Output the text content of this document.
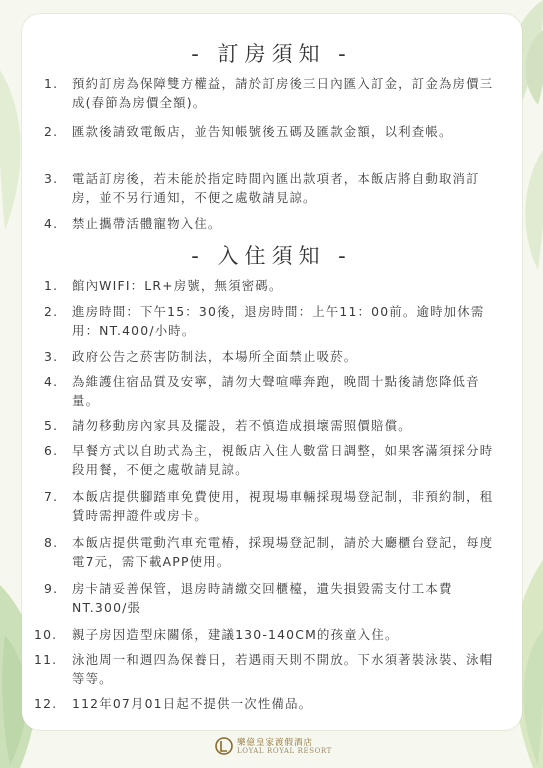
- 訂房須知 -
1.	預約訂房為保障雙方權益，請於訂房後三日內匯入訂金，訂金為房價三成(春節為房價全額)。
2.	匯款後請致電飯店，並告知帳號後五碼及匯款金額，以利查帳。
3.	電話訂房後，若未能於指定時間內匯出款項者，本飯店將自動取消訂房，並不另行通知，不便之處敬請見諒。
4.	禁止攜帶活體寵物入住。
- 入住須知 -
1.	館內WIFI：LR+房號，無須密碼。
2.	進房時間：下午15：30後，退房時間：上午11：00前。逾時加休需用：NT.400/小時。
3.	政府公告之菸害防制法，本場所全面禁止吸菸。
4.	為維護住宿品質及安寧，請勿大聲喧嘩奔跑，晚間十點後請您降低音量。
5.	請勿移動房內家具及擺設，若不慎造成損壞需照價賠償。
6.	早餐方式以自助式為主，視飯店入住人數當日調整，如果客滿須採分時段用餐，不便之處敬請見諒。
7.	本飯店提供腳踏車免費使用，視現場車輛採現場登記制，非預約制，租賃時需押證件或房卡。
8.	本飯店提供電動汽車充電樁，採現場登記制，請於大廳櫃台登記，每度電7元，需下載APP使用。
9.	房卡請妥善保管，退房時請繳交回櫃檯，遺失損毀需支付工本費NT.300/張
10.	親子房因造型床關係，建議130-140CM的孩童入住。
11.	泳池周一和週四為保養日，若遇雨天則不開放。下水須著裝泳裝、泳帽等等。
12.	112年07月01日起不提供一次性備品。
樂億皇家渡假酒店
LOYAL ROYAL RESORT
